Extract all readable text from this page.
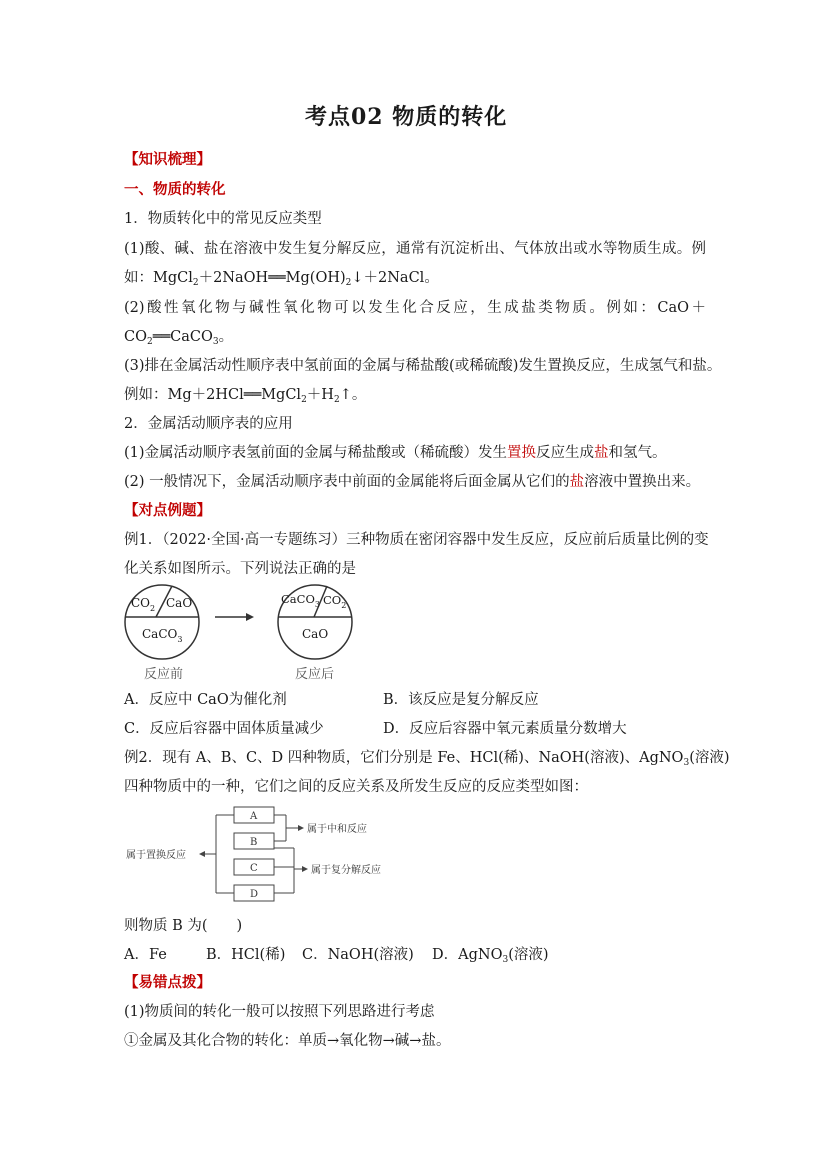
考点02 物质的转化
【知识梳理】
一、物质的转化
1．物质转化中的常见反应类型
(1)酸、碱、盐在溶液中发生复分解反应，通常有沉淀析出、气体放出或水等物质生成。例
如：$MgCl_2+2NaOH══Mg(OH)_2↓+2NaCl$。
(2)酸性氧化物与碱性氧化物可以发生化合反应，生成盐类物质。例如：CaO＋
$CO_2══CaCO_3$。
(3)排在金属活动性顺序表中氢前面的金属与稀盐酸(或稀硫酸)发生置换反应，生成氢气和盐。
例如：$Mg+2HCl══MgCl_2+H_2↑$。
2．金属活动顺序表的应用
(1)金属活动顺序表氢前面的金属与稀盐酸或（稀硫酸）发生置换反应生成盐和氢气。
(2) 一般情况下，金属活动顺序表中前面的金属能将后面金属从它们的盐溶液中置换出来。
【对点例题】
例1．（2022·全国·高一专题练习）三种物质在密闭容器中发生反应，反应前后质量比例的变
化关系如图所示。下列说法正确的是
$CO_2$ CaO
CaCO$_3$
反应前
CaCO$_3$ $CO_2$
CaO
反应后
A．反应中 CaO为催化剂	B．该反应是复分解反应
C．反应后容器中固体质量减少	D．反应后容器中氧元素质量分数增大
例2．现有 A、B、C、D 四种物质，它们分别是 Fe、HCl(稀)、NaOH(溶液)、AgNO$_3$(溶液)
四种物质中的一种，它们之间的反应关系及所发生反应的反应类型如图：
A
B
C
D
属于置换反应
属于中和反应
属于复分解反应
则物质 B 为(　　)
A．Fe	B．HCl(稀) C．NaOH(溶液) D．AgNO$_3$(溶液)
【易错点拨】
(1)物质间的转化一般可以按照下列思路进行考虑
①金属及其化合物的转化：单质→氧化物→碱→盐。
